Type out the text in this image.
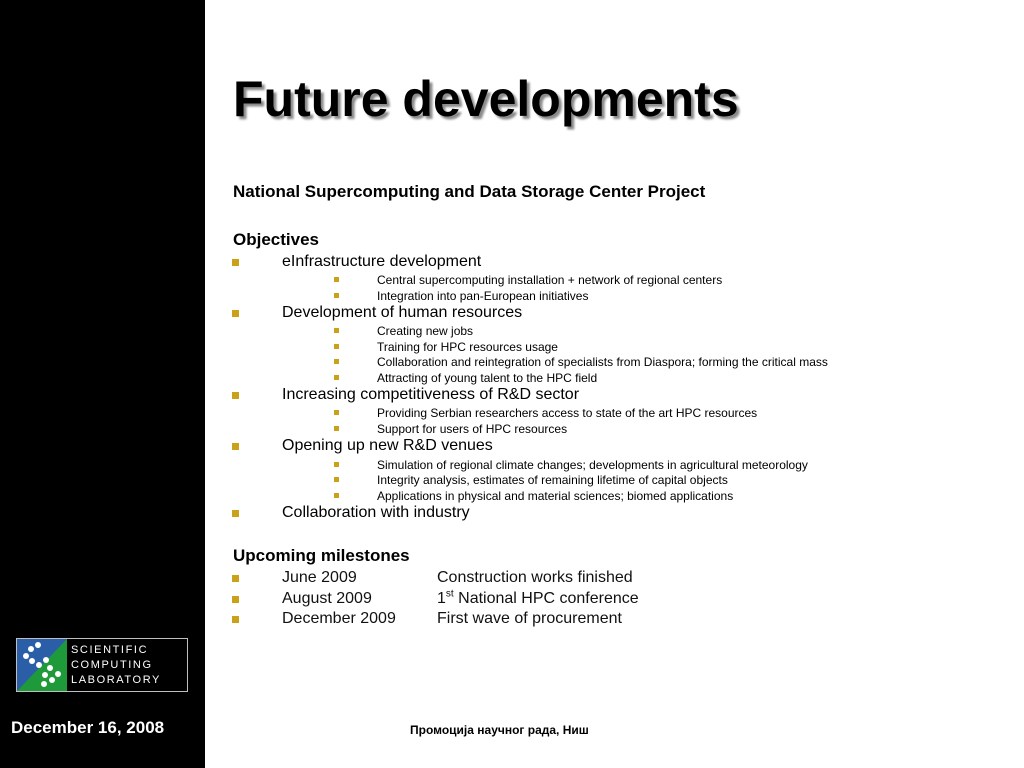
SCIENTIFIC
COMPUTING
LABORATORY
December 16, 2008	Промоција научног рада, Ниш
Future developments
National Supercomputing and Data Storage Center Project
Objectives
eInfrastructure development
Central supercomputing installation + network of regional centers
Integration into pan-European initiatives
Development of human resources
Creating new jobs
Training for HPC resources usage
Collaboration and reintegration of specialists from Diaspora; forming the critical mass
Attracting of young talent to the HPC field
Increasing competitiveness of R&D sector
Providing Serbian researchers access to state of the art HPC resources
Support for users of HPC resources
Opening up new R&D venues
Simulation of regional climate changes; developments in agricultural meteorology
Integrity analysis, estimates of remaining lifetime of capital objects
Applications in physical and material sciences; biomed applications
Collaboration with industry
Upcoming milestones
June 2009	Construction works finished
August 2009	1st National HPC conference
December 2009	First wave of procurement
